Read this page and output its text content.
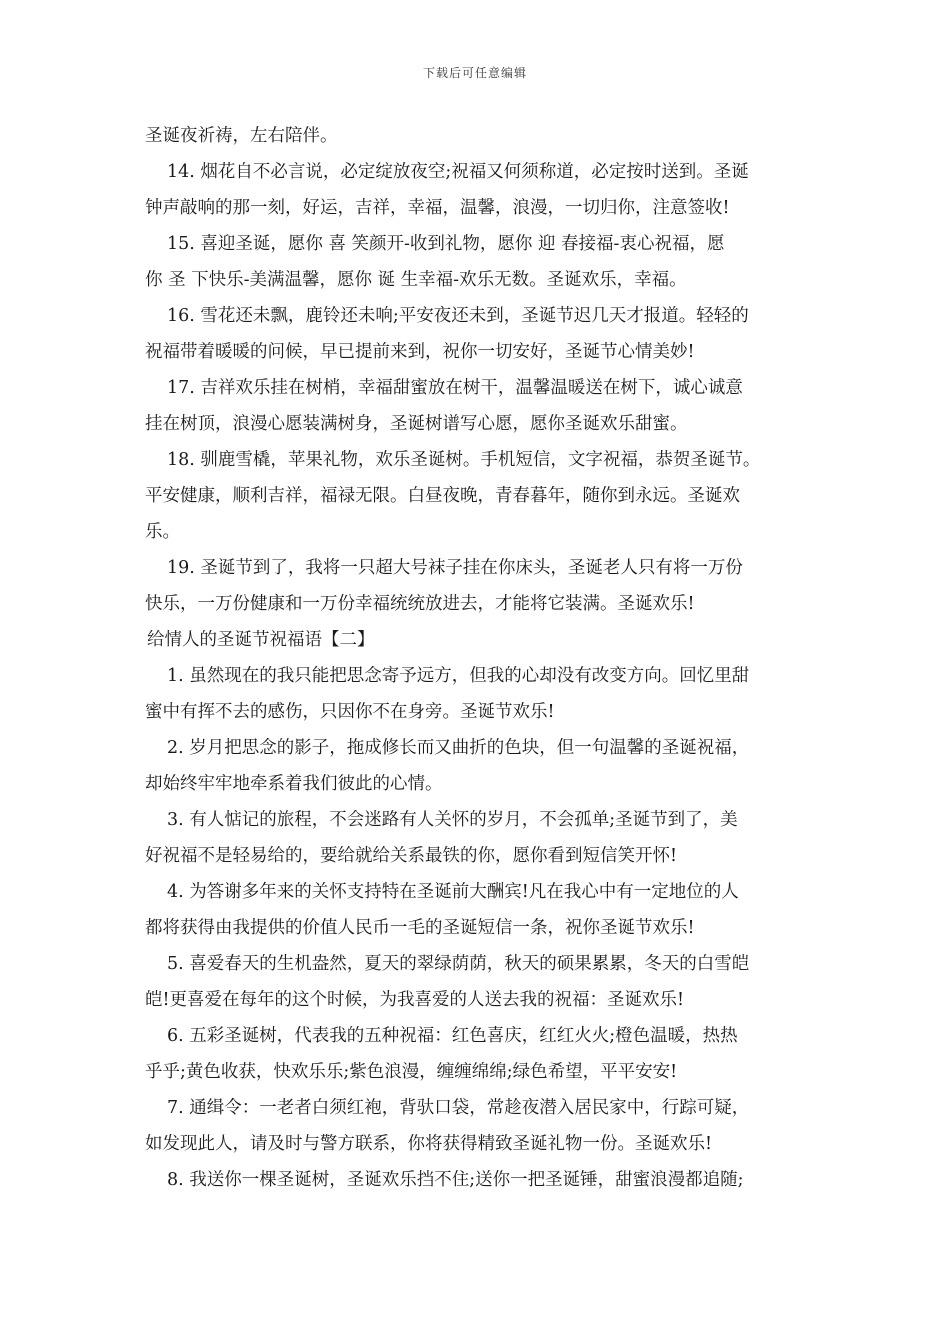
下载后可任意编辑
圣诞夜祈祷，左右陪伴。
14. 烟花自不必言说，必定绽放夜空;祝福又何须称道，必定按时送到。圣诞
钟声敲响的那一刻，好运，吉祥，幸福，温馨，浪漫，一切归你，注意签收!
15. 喜迎圣诞，愿你 喜 笑颜开-收到礼物，愿你 迎 春接福-衷心祝福，愿
你 圣 下快乐-美满温馨，愿你 诞 生幸福-欢乐无数。圣诞欢乐，幸福。
16. 雪花还未飘，鹿铃还未响;平安夜还未到，圣诞节迟几天才报道。轻轻的
祝福带着暖暖的问候，早已提前来到，祝你一切安好，圣诞节心情美妙!
17. 吉祥欢乐挂在树梢，幸福甜蜜放在树干，温馨温暖送在树下，诚心诚意
挂在树顶，浪漫心愿装满树身，圣诞树谱写心愿，愿你圣诞欢乐甜蜜。
18. 驯鹿雪橇，苹果礼物，欢乐圣诞树。手机短信，文字祝福，恭贺圣诞节。
平安健康，顺利吉祥，福禄无限。白昼夜晚，青春暮年，随你到永远。圣诞欢
乐。
19. 圣诞节到了，我将一只超大号袜子挂在你床头，圣诞老人只有将一万份
快乐，一万份健康和一万份幸福统统放进去，才能将它装满。圣诞欢乐!
给情人的圣诞节祝福语【二】
1. 虽然现在的我只能把思念寄予远方，但我的心却没有改变方向。回忆里甜
蜜中有挥不去的感伤，只因你不在身旁。圣诞节欢乐!
2. 岁月把思念的影子，拖成修长而又曲折的色块，但一句温馨的圣诞祝福，
却始终牢牢地牵系着我们彼此的心情。
3. 有人惦记的旅程，不会迷路有人关怀的岁月，不会孤单;圣诞节到了，美
好祝福不是轻易给的，要给就给关系最铁的你，愿你看到短信笑开怀!
4. 为答谢多年来的关怀支持特在圣诞前大酬宾!凡在我心中有一定地位的人
都将获得由我提供的价值人民币一毛的圣诞短信一条，祝你圣诞节欢乐!
5. 喜爱春天的生机盎然，夏天的翠绿荫荫，秋天的硕果累累，冬天的白雪皑
皑!更喜爱在每年的这个时候，为我喜爱的人送去我的祝福：圣诞欢乐!
6. 五彩圣诞树，代表我的五种祝福：红色喜庆，红红火火;橙色温暖，热热
乎乎;黄色收获，快欢乐乐;紫色浪漫，缠缠绵绵;绿色希望，平平安安!
7. 通缉令：一老者白须红袍，背驮口袋，常趁夜潜入居民家中，行踪可疑，
如发现此人，请及时与警方联系，你将获得精致圣诞礼物一份。圣诞欢乐!
8. 我送你一棵圣诞树，圣诞欢乐挡不住;送你一把圣诞锤，甜蜜浪漫都追随;
